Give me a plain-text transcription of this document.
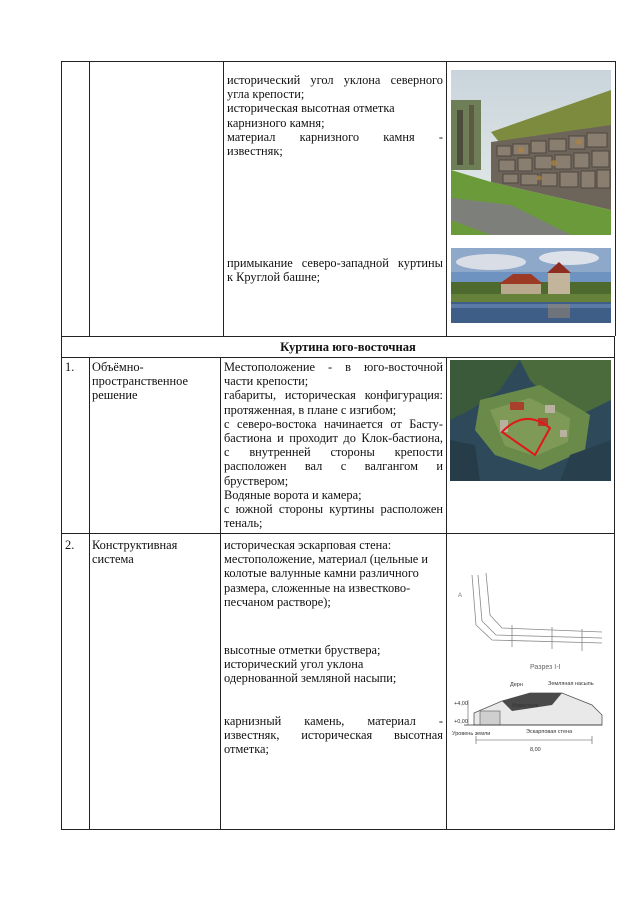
исторический угол уклона северного
угла крепости;
историческая высотная отметка
карнизного камня;
материал карнизного камня -
известняк;
примыкание северо-западной куртины
к Круглой башне;
Куртина юго-восточная
1. Объёмно-
пространственное
решение
Местоположение - в юго-восточной
части крепости;
габариты, историческая конфигурация:
протяженная, в плане с изгибом;
с северо-востока начинается от Басту-
бастиона и проходит до Клок-бастиона,
с внутренней стороны крепости
расположен вал с валгангом и
бруствером;
Водяные ворота и камера;
с южной стороны куртины расположен
теналь;
2. Конструктивная
система
историческая эскарповая стена:
местоположение, материал (цельные и
колотые валунные камни различного
размера, сложенные на известково-
песчаном растворе);
высотные отметки бруствера;
исторический угол уклона
одернованной земляной насыпи;
карнизный камень, материал -
известняк, историческая высотная
отметка;
A
Разрез I-I
Дерн	Земляная насыпь
Известняк
Эскарповая стена
Уровень земли
+0,00
+4,00
8,00
